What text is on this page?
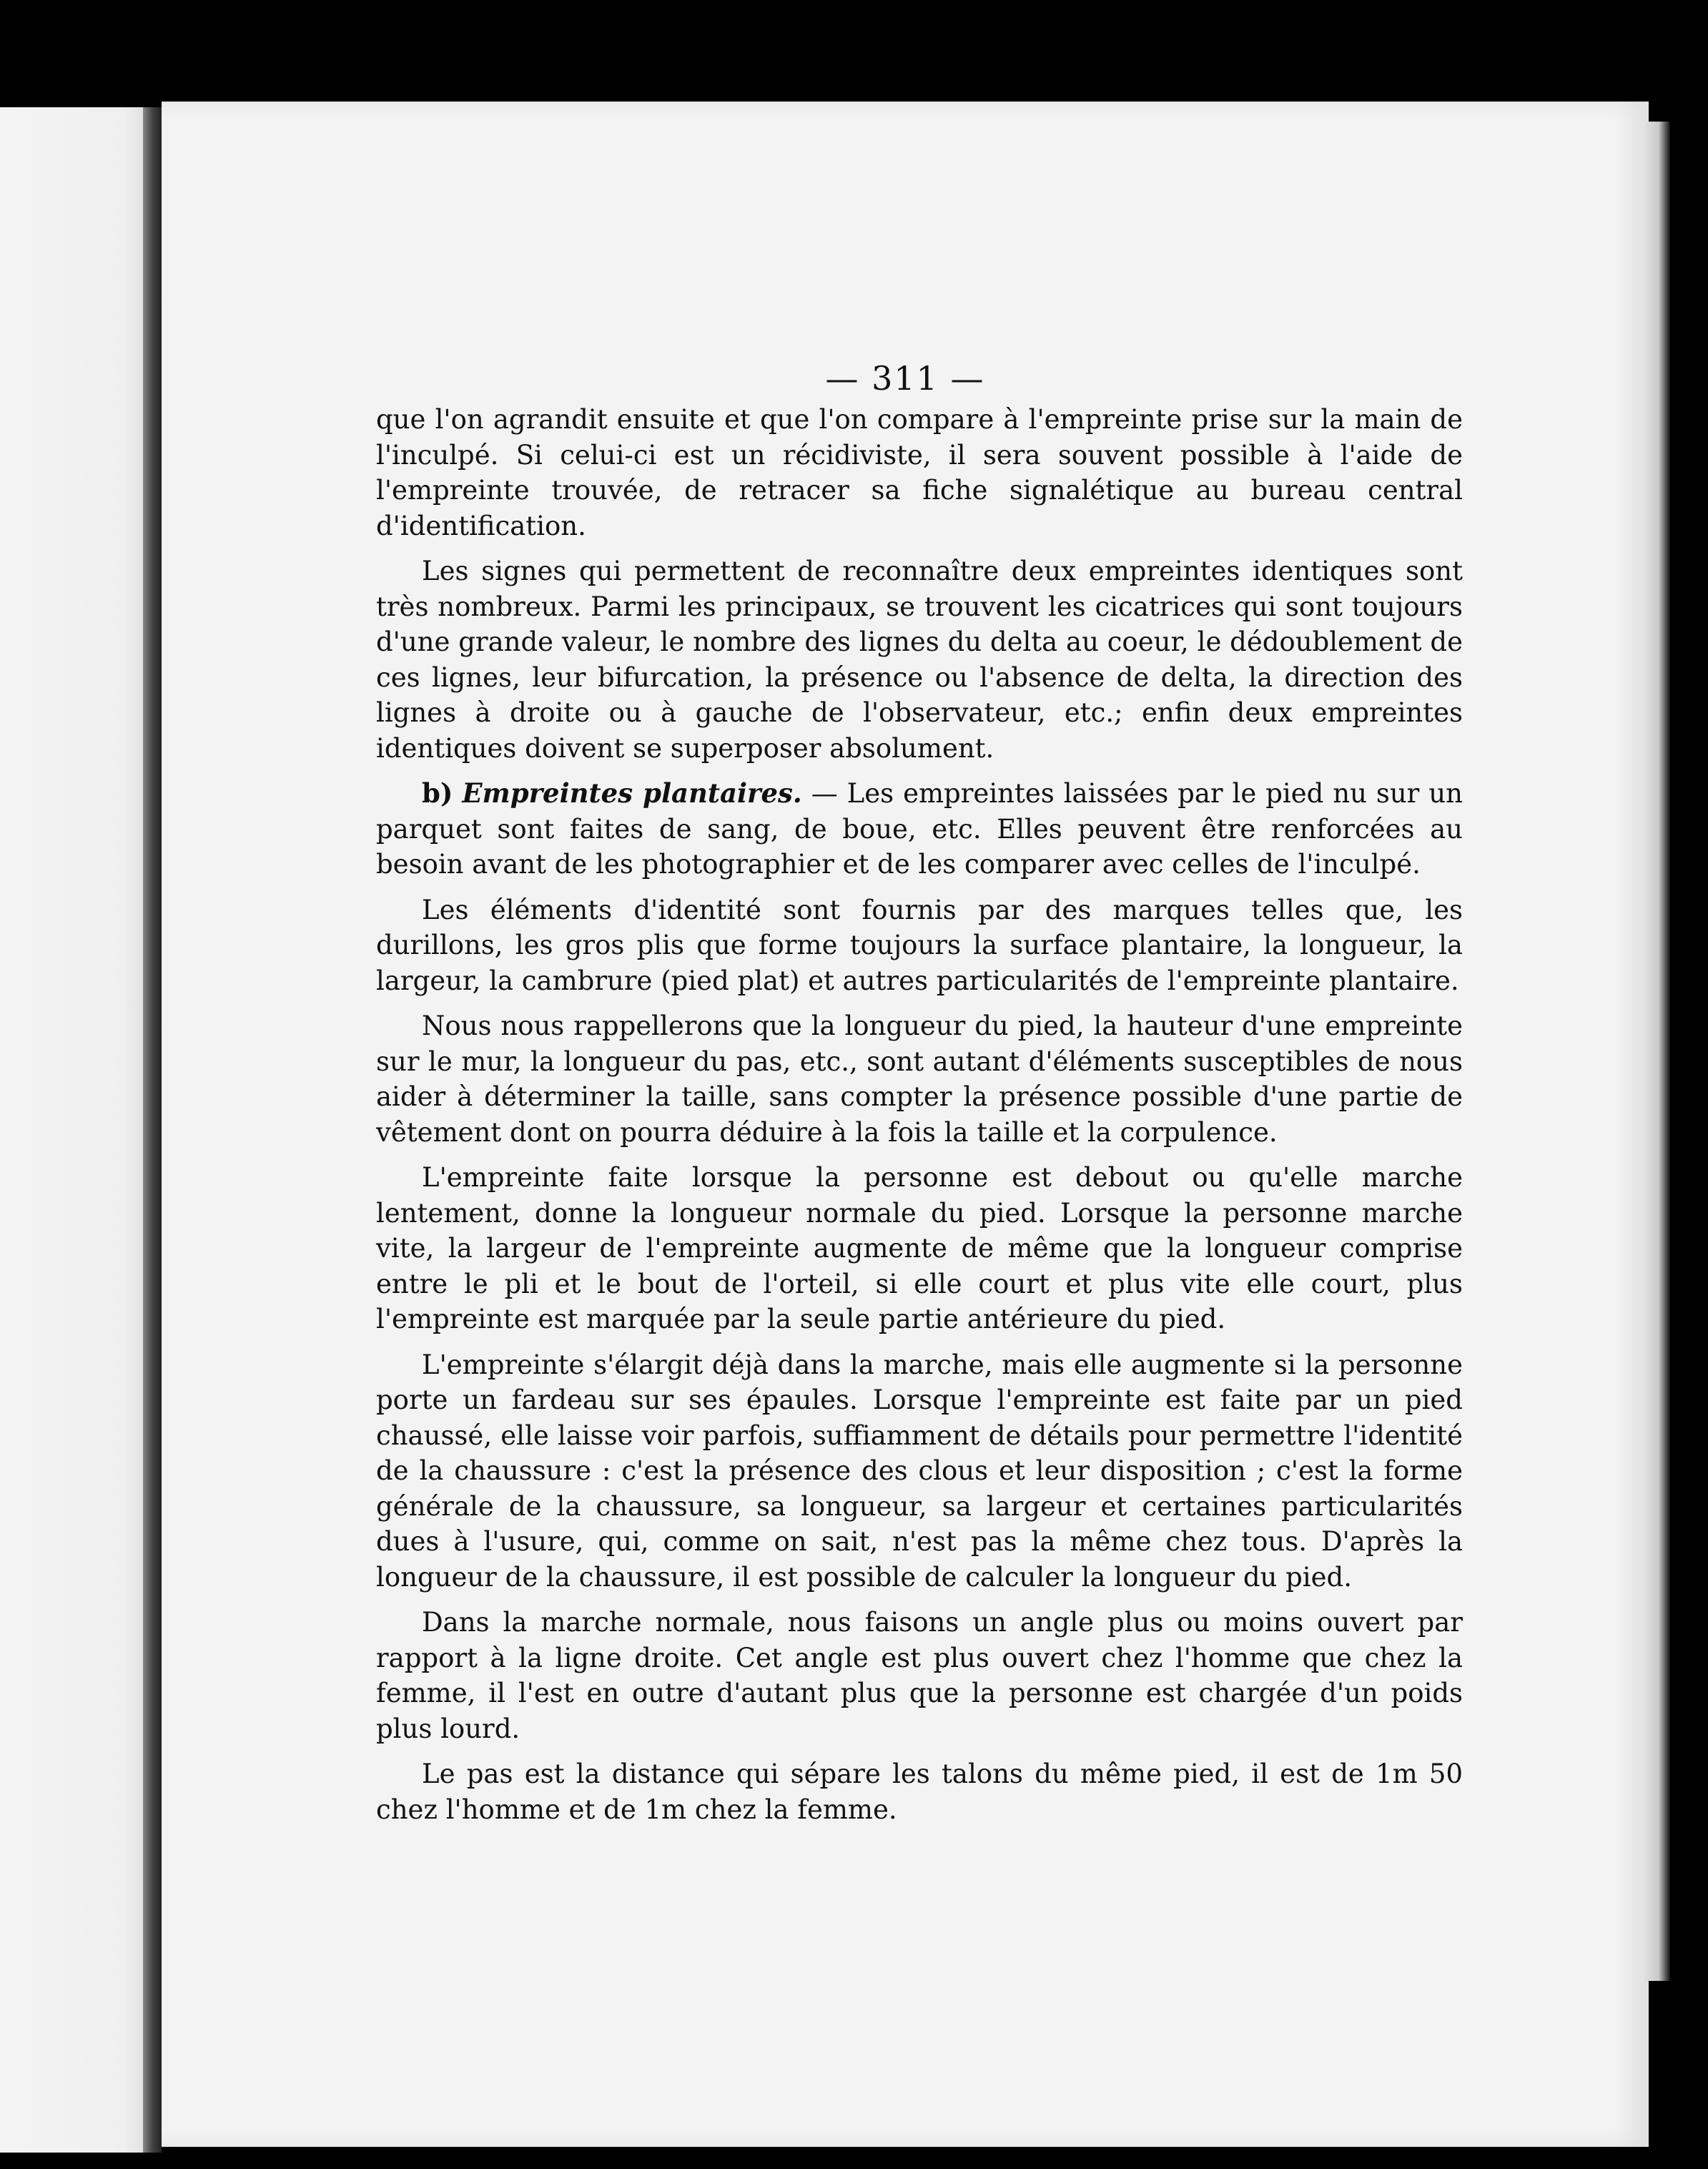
— 311 —

que l'on agrandit ensuite et que l'on compare à l'empreinte prise sur la main de l'inculpé. Si celui-ci est un récidiviste, il sera souvent possible à l'aide de l'empreinte trouvée, de retracer sa fiche signalétique au bureau central d'identification.

Les signes qui permettent de reconnaître deux empreintes identiques sont très nombreux. Parmi les principaux, se trouvent les cicatrices qui sont toujours d'une grande valeur, le nombre des lignes du delta au coeur, le dédoublement de ces lignes, leur bifurcation, la présence ou l'absence de delta, la direction des lignes à droite ou à gauche de l'observateur, etc.; enfin deux empreintes identiques doivent se superposer absolument.

b) Empreintes plantaires. — Les empreintes laissées par le pied nu sur un parquet sont faites de sang, de boue, etc. Elles peuvent être renforcées au besoin avant de les photographier et de les comparer avec celles de l'inculpé.

Les éléments d'identité sont fournis par des marques telles que, les durillons, les gros plis que forme toujours la surface plantaire, la longueur, la largeur, la cambrure (pied plat) et autres particularités de l'empreinte plantaire.

Nous nous rappellerons que la longueur du pied, la hauteur d'une empreinte sur le mur, la longueur du pas, etc., sont autant d'éléments susceptibles de nous aider à déterminer la taille, sans compter la présence possible d'une partie de vêtement dont on pourra déduire à la fois la taille et la corpulence.

L'empreinte faite lorsque la personne est debout ou qu'elle marche lentement, donne la longueur normale du pied. Lorsque la personne marche vite, la largeur de l'empreinte augmente de même que la longueur comprise entre le pli et le bout de l'orteil, si elle court et plus vite elle court, plus l'empreinte est marquée par la seule partie antérieure du pied.

L'empreinte s'élargit déjà dans la marche, mais elle augmente si la personne porte un fardeau sur ses épaules. Lorsque l'empreinte est faite par un pied chaussé, elle laisse voir parfois, suffiamment de détails pour permettre l'identité de la chaussure : c'est la présence des clous et leur disposition ; c'est la forme générale de la chaussure, sa longueur, sa largeur et certaines particularités dues à l'usure, qui, comme on sait, n'est pas la même chez tous. D'après la longueur de la chaussure, il est possible de calculer la longueur du pied.

Dans la marche normale, nous faisons un angle plus ou moins ouvert par rapport à la ligne droite. Cet angle est plus ouvert chez l'homme que chez la femme, il l'est en outre d'autant plus que la personne est chargée d'un poids plus lourd.

Le pas est la distance qui sépare les talons du même pied, il est de 1m 50 chez l'homme et de 1m chez la femme.
